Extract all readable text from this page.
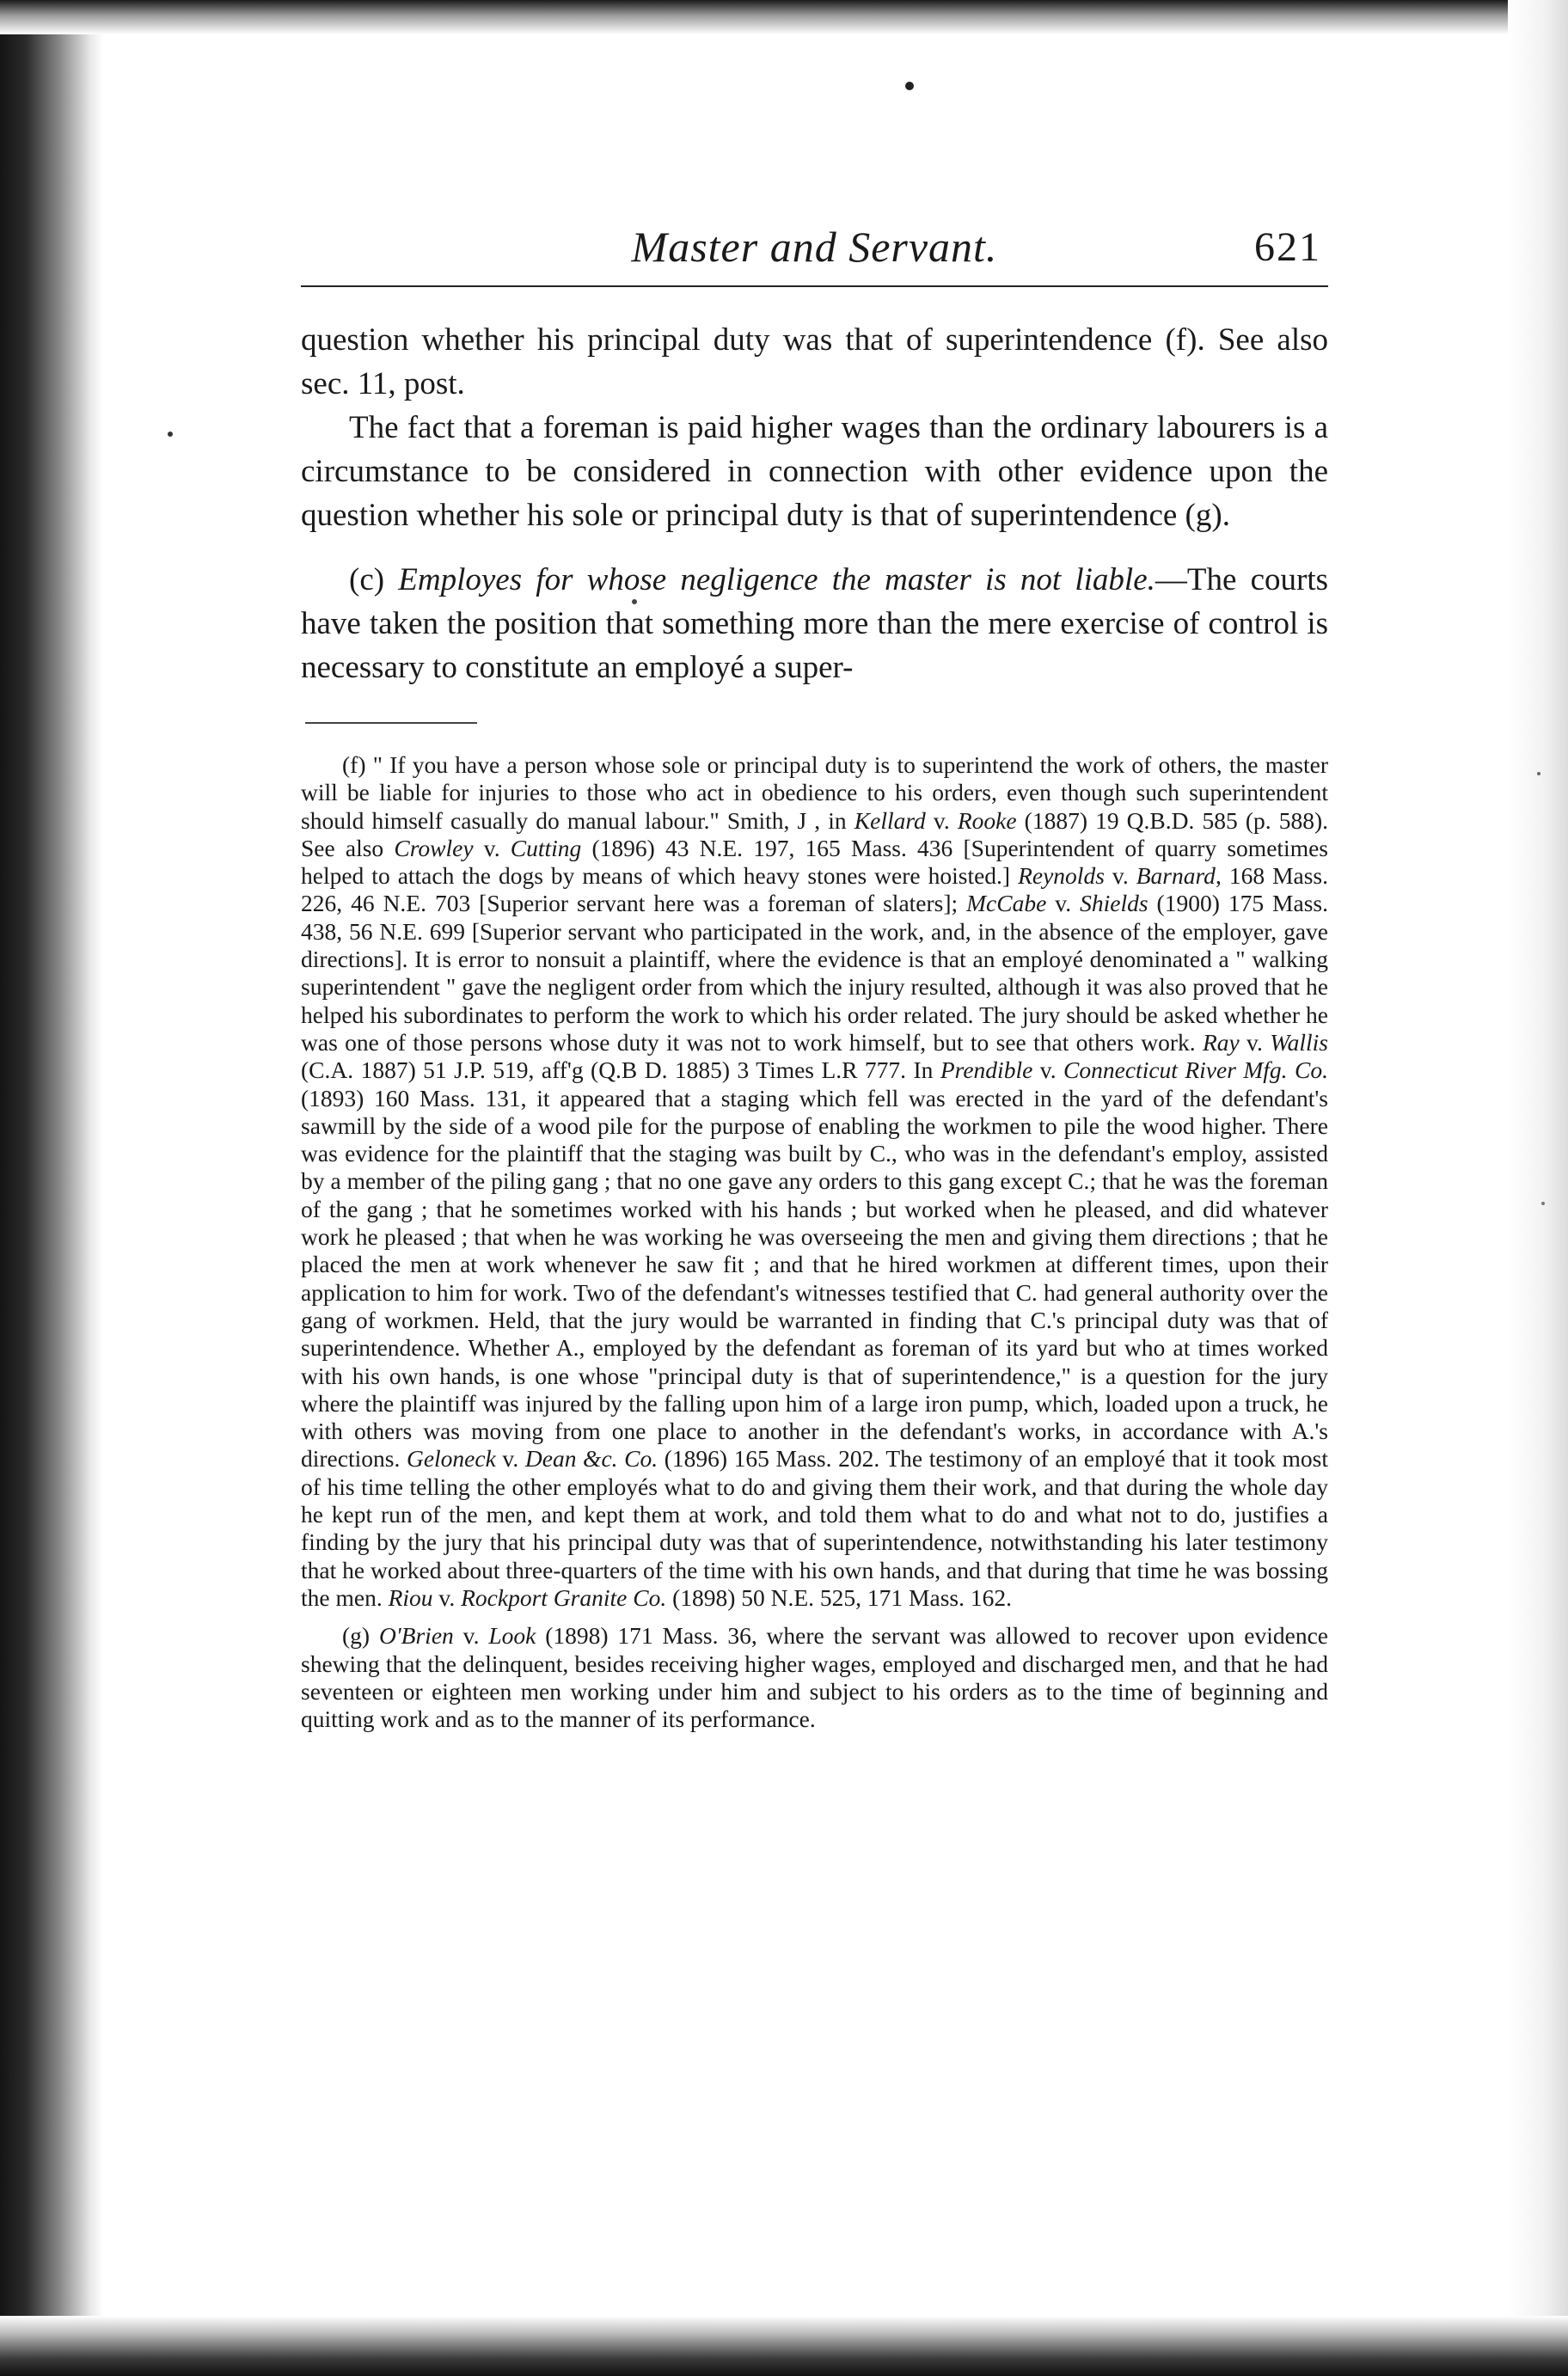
Master and Servant.	621

question whether his principal duty was that of superintendence (f). See also sec. 11, post.

The fact that a foreman is paid higher wages than the ordinary labourers is a circumstance to be considered in connection with other evidence upon the question whether his sole or principal duty is that of superintendence (g).

(c) Employes for whose negligence the master is not liable.—The courts have taken the position that something more than the mere exercise of control is necessary to constitute an employé a super-

(f) " If you have a person whose sole or principal duty is to superintend the work of others, the master will be liable for injuries to those who act in obedience to his orders, even though such superintendent should himself casually do manual labour." Smith, J , in Kellard v. Rooke (1887) 19 Q.B.D. 585 (p. 588). See also Crowley v. Cutting (1896) 43 N.E. 197, 165 Mass. 436 [Superintendent of quarry sometimes helped to attach the dogs by means of which heavy stones were hoisted.] Reynolds v. Barnard, 168 Mass. 226, 46 N.E. 703 [Superior servant here was a foreman of slaters]; McCabe v. Shields (1900) 175 Mass. 438, 56 N.E. 699 [Superior servant who participated in the work, and, in the absence of the employer, gave directions]. It is error to nonsuit a plaintiff, where the evidence is that an employé denominated a " walking superintendent " gave the negligent order from which the injury resulted, although it was also proved that he helped his subordinates to perform the work to which his order related. The jury should be asked whether he was one of those persons whose duty it was not to work himself, but to see that others work. Ray v. Wallis (C.A. 1887) 51 J.P. 519, aff'g (Q.B D. 1885) 3 Times L.R 777. In Prendible v. Connecticut River Mfg. Co. (1893) 160 Mass. 131, it appeared that a staging which fell was erected in the yard of the defendant's sawmill by the side of a wood pile for the purpose of enabling the workmen to pile the wood higher. There was evidence for the plaintiff that the staging was built by C., who was in the defendant's employ, assisted by a member of the piling gang ; that no one gave any orders to this gang except C.; that he was the foreman of the gang ; that he sometimes worked with his hands ; but worked when he pleased, and did whatever work he pleased ; that when he was working he was overseeing the men and giving them directions ; that he placed the men at work whenever he saw fit ; and that he hired workmen at different times, upon their application to him for work. Two of the defendant's witnesses testified that C. had general authority over the gang of workmen. Held, that the jury would be warranted in finding that C.'s principal duty was that of superintendence. Whether A., employed by the defendant as foreman of its yard but who at times worked with his own hands, is one whose "principal duty is that of superintendence," is a question for the jury where the plaintiff was injured by the falling upon him of a large iron pump, which, loaded upon a truck, he with others was moving from one place to another in the defendant's works, in accordance with A.'s directions. Geloneck v. Dean &c. Co. (1896) 165 Mass. 202. The testimony of an employé that it took most of his time telling the other employés what to do and giving them their work, and that during the whole day he kept run of the men, and kept them at work, and told them what to do and what not to do, justifies a finding by the jury that his principal duty was that of superintendence, notwithstanding his later testimony that he worked about three-quarters of the time with his own hands, and that during that time he was bossing the men. Riou v. Rockport Granite Co. (1898) 50 N.E. 525, 171 Mass. 162.

(g) O'Brien v. Look (1898) 171 Mass. 36, where the servant was allowed to recover upon evidence shewing that the delinquent, besides receiving higher wages, employed and discharged men, and that he had seventeen or eighteen men working under him and subject to his orders as to the time of beginning and quitting work and as to the manner of its performance.
